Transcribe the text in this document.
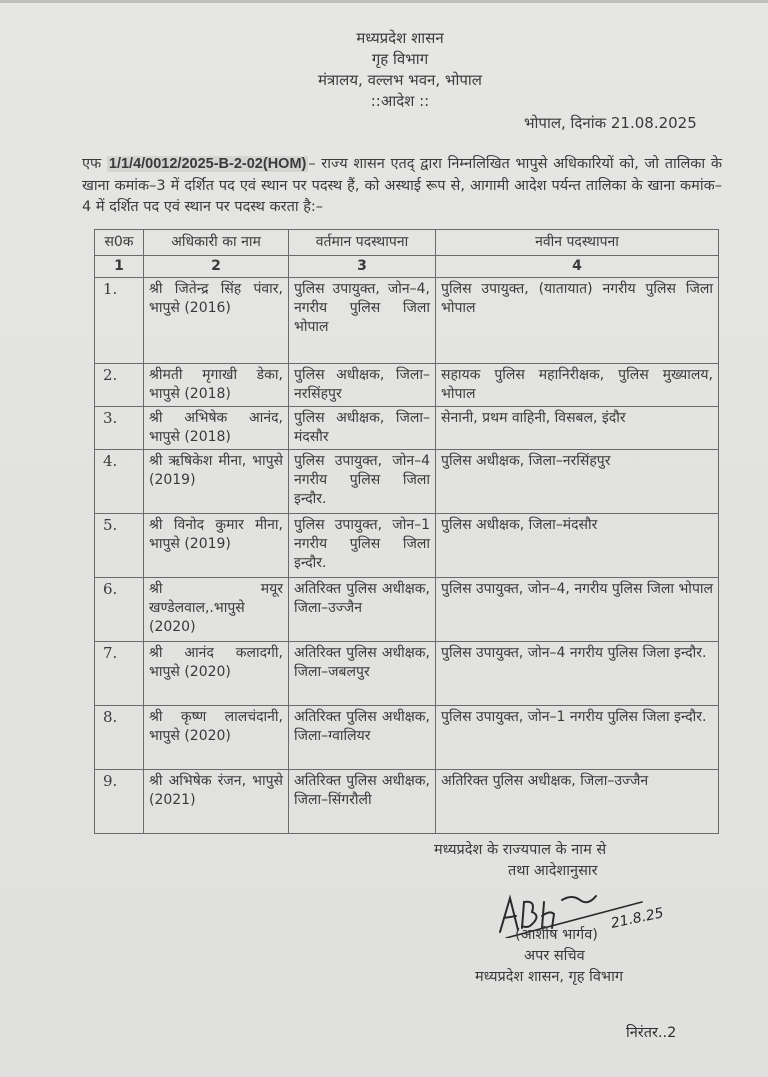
मध्यप्रदेश शासन
गृह विभाग
मंत्रालय, वल्लभ भवन, भोपाल
::आदेश ::
भोपाल, दिनांक 21.08.2025
एफ 1/1/4/0012/2025-B-2-02(HOM) – राज्य शासन एतद् द्वारा निम्नलिखित भापुसे अधिकारियों को, जो तालिका के खाना कमांक–3 में दर्शित पद एवं स्थान पर पदस्थ हैं, को अस्थाई रूप से, आगामी आदेश पर्यन्त तालिका के खाना कमांक–4 में दर्शित पद एवं स्थान पर पदस्थ करता है:–
स0क	अधिकारी का नाम	वर्तमान पदस्थापना	नवीन पदस्थापना
1	2	3	4
1.	श्री जितेन्द्र सिंह पंवार, भापुसे (2016)	पुलिस उपायुक्त, जोन–4, नगरीय पुलिस जिला भोपाल	पुलिस उपायुक्त, (यातायात) नगरीय पुलिस जिला भोपाल
2.	श्रीमती मृगाखी डेका, भापुसे (2018)	पुलिस अधीक्षक, जिला–नरसिंहपुर	सहायक पुलिस महानिरीक्षक, पुलिस मुख्यालय, भोपाल
3.	श्री अभिषेक आनंद, भापुसे (2018)	पुलिस अधीक्षक, जिला–मंदसौर	सेनानी, प्रथम वाहिनी, विसबल, इंदौर
4.	श्री ऋषिकेश मीना, भापुसे (2019)	पुलिस उपायुक्त, जोन–4 नगरीय पुलिस जिला इन्दौर.	पुलिस अधीक्षक, जिला–नरसिंहपुर
5.	श्री विनोद कुमार मीना, भापुसे (2019)	पुलिस उपायुक्त, जोन–1 नगरीय पुलिस जिला इन्दौर.	पुलिस अधीक्षक, जिला–मंदसौर
6.	श्री मयूर खण्डेलवाल,.भापुसे (2020)	अतिरिक्त पुलिस अधीक्षक, जिला–उज्जैन	पुलिस उपायुक्त, जोन–4, नगरीय पुलिस जिला भोपाल
7.	श्री आनंद कलादगी, भापुसे (2020)	अतिरिक्त पुलिस अधीक्षक, जिला–जबलपुर	पुलिस उपायुक्त, जोन–4 नगरीय पुलिस जिला इन्दौर.
8.	श्री कृष्ण लालचंदानी, भापुसे (2020)	अतिरिक्त पुलिस अधीक्षक, जिला–ग्वालियर	पुलिस उपायुक्त, जोन–1 नगरीय पुलिस जिला इन्दौर.
9.	श्री अभिषेक रंजन, भापुसे (2021)	अतिरिक्त पुलिस अधीक्षक, जिला–सिंगरौली	अतिरिक्त पुलिस अधीक्षक, जिला–उज्जैन
मध्यप्रदेश के राज्यपाल के नाम से
तथा आदेशानुसार
21.8.25
(आशीष भार्गव)
अपर सचिव
मध्यप्रदेश शासन, गृह विभाग
निरंतर..2
